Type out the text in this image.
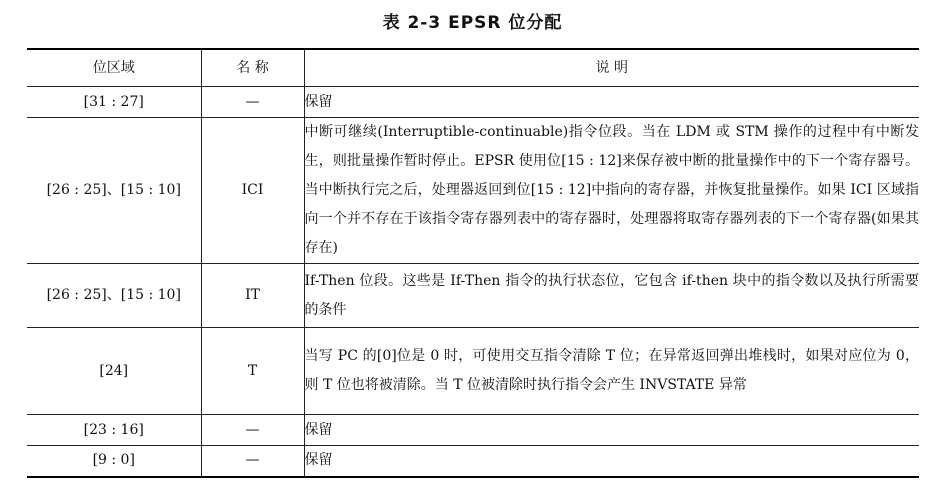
表 2-3 EPSR 位分配
位区域	名 称	说 明
[31 : 27]	—	保留
[26 : 25]、[15 : 10]	ICI	中断可继续(Interruptible-continuable)指令位段。当在 LDM 或 STM 操作的过程中有中断发生，则批量操作暂时停止。EPSR 使用位[15 : 12]来保存被中断的批量操作中的下一个寄存器号。当中断执行完之后，处理器返回到位[15 : 12]中指向的寄存器，并恢复批量操作。如果 ICI 区域指向一个并不存在于该指令寄存器列表中的寄存器时，处理器将取寄存器列表的下一个寄存器(如果其存在)
[26 : 25]、[15 : 10]	IT	If-Then 位段。这些是 If-Then 指令的执行状态位，它包含 if-then 块中的指令数以及执行所需要的条件
[24]	T	当写 PC 的[0]位是 0 时，可使用交互指令清除 T 位；在异常返回弹出堆栈时，如果对应位为 0，则 T 位也将被清除。当 T 位被清除时执行指令会产生 INVSTATE 异常
[23 : 16]	—	保留
[9 : 0]	—	保留
